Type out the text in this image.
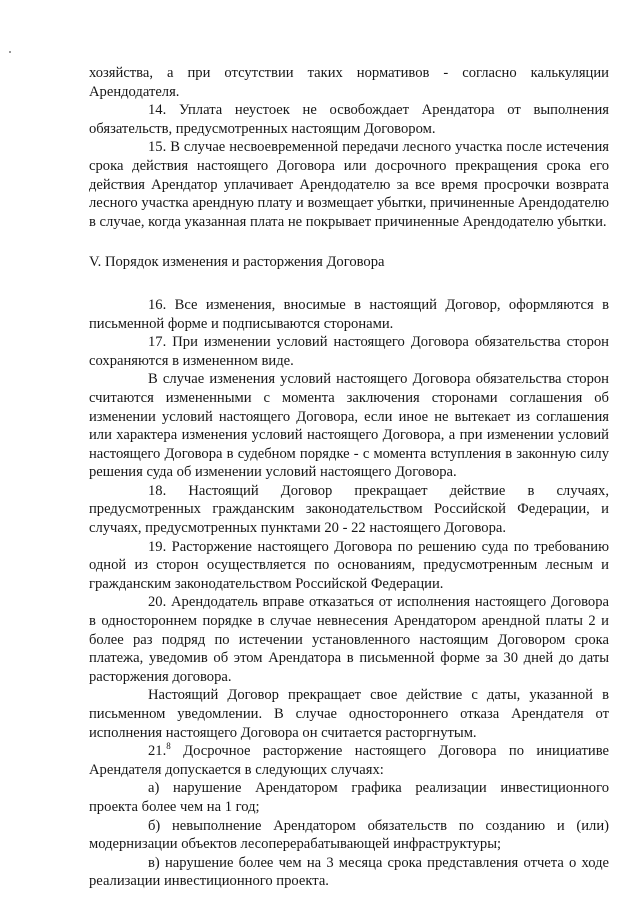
хозяйства, а при отсутствии таких нормативов - согласно калькуляции Арендодателя.

14. Уплата неустоек не освобождает Арендатора от выполнения обязательств, предусмотренных настоящим Договором.

15. В случае несвоевременной передачи лесного участка после истечения срока действия настоящего Договора или досрочного прекращения срока его действия Арендатор уплачивает Арендодателю за все время просрочки возврата лесного участка арендную плату и возмещает убытки, причиненные Арендодателю в случае, когда указанная плата не покрывает причиненные Арендодателю убытки.

V. Порядок изменения и расторжения Договора

16. Все изменения, вносимые в настоящий Договор, оформляются в письменной форме и подписываются сторонами.

17. При изменении условий настоящего Договора обязательства сторон сохраняются в измененном виде.

В случае изменения условий настоящего Договора обязательства сторон считаются измененными с момента заключения сторонами соглашения об изменении условий настоящего Договора, если иное не вытекает из соглашения или характера изменения условий настоящего Договора, а при изменении условий настоящего Договора в судебном порядке - с момента вступления в законную силу решения суда об изменении условий настоящего Договора.

18. Настоящий Договор прекращает действие в случаях,

предусмотренных гражданским законодательством Российской Федерации, и случаях, предусмотренных пунктами 20 - 22 настоящего Договора.

19. Расторжение настоящего Договора по решению суда по требованию одной из сторон осуществляется по основаниям, предусмотренным лесным и гражданским законодательством Российской Федерации.

20. Арендодатель вправе отказаться от исполнения настоящего Договора в одностороннем порядке в случае невнесения Арендатором арендной платы 2 и более раз подряд по истечении установленного настоящим Договором срока платежа, уведомив об этом Арендатора в письменной форме за 30 дней до даты расторжения договора.

Настоящий Договор прекращает свое действие с даты, указанной в письменном уведомлении. В случае одностороннего отказа Арендателя от исполнения настоящего Договора он считается расторгнутым.

21.$^8$ Досрочное расторжение настоящего Договора по инициативе Арендателя допускается в следующих случаях:

а) нарушение Арендатором графика реализации инвестиционного проекта более чем на 1 год;

б) невыполнение Арендатором обязательств по созданию и (или) модернизации объектов лесоперерабатывающей инфраструктуры;

в) нарушение более чем на 3 месяца срока представления отчета о ходе реализации инвестиционного проекта.
